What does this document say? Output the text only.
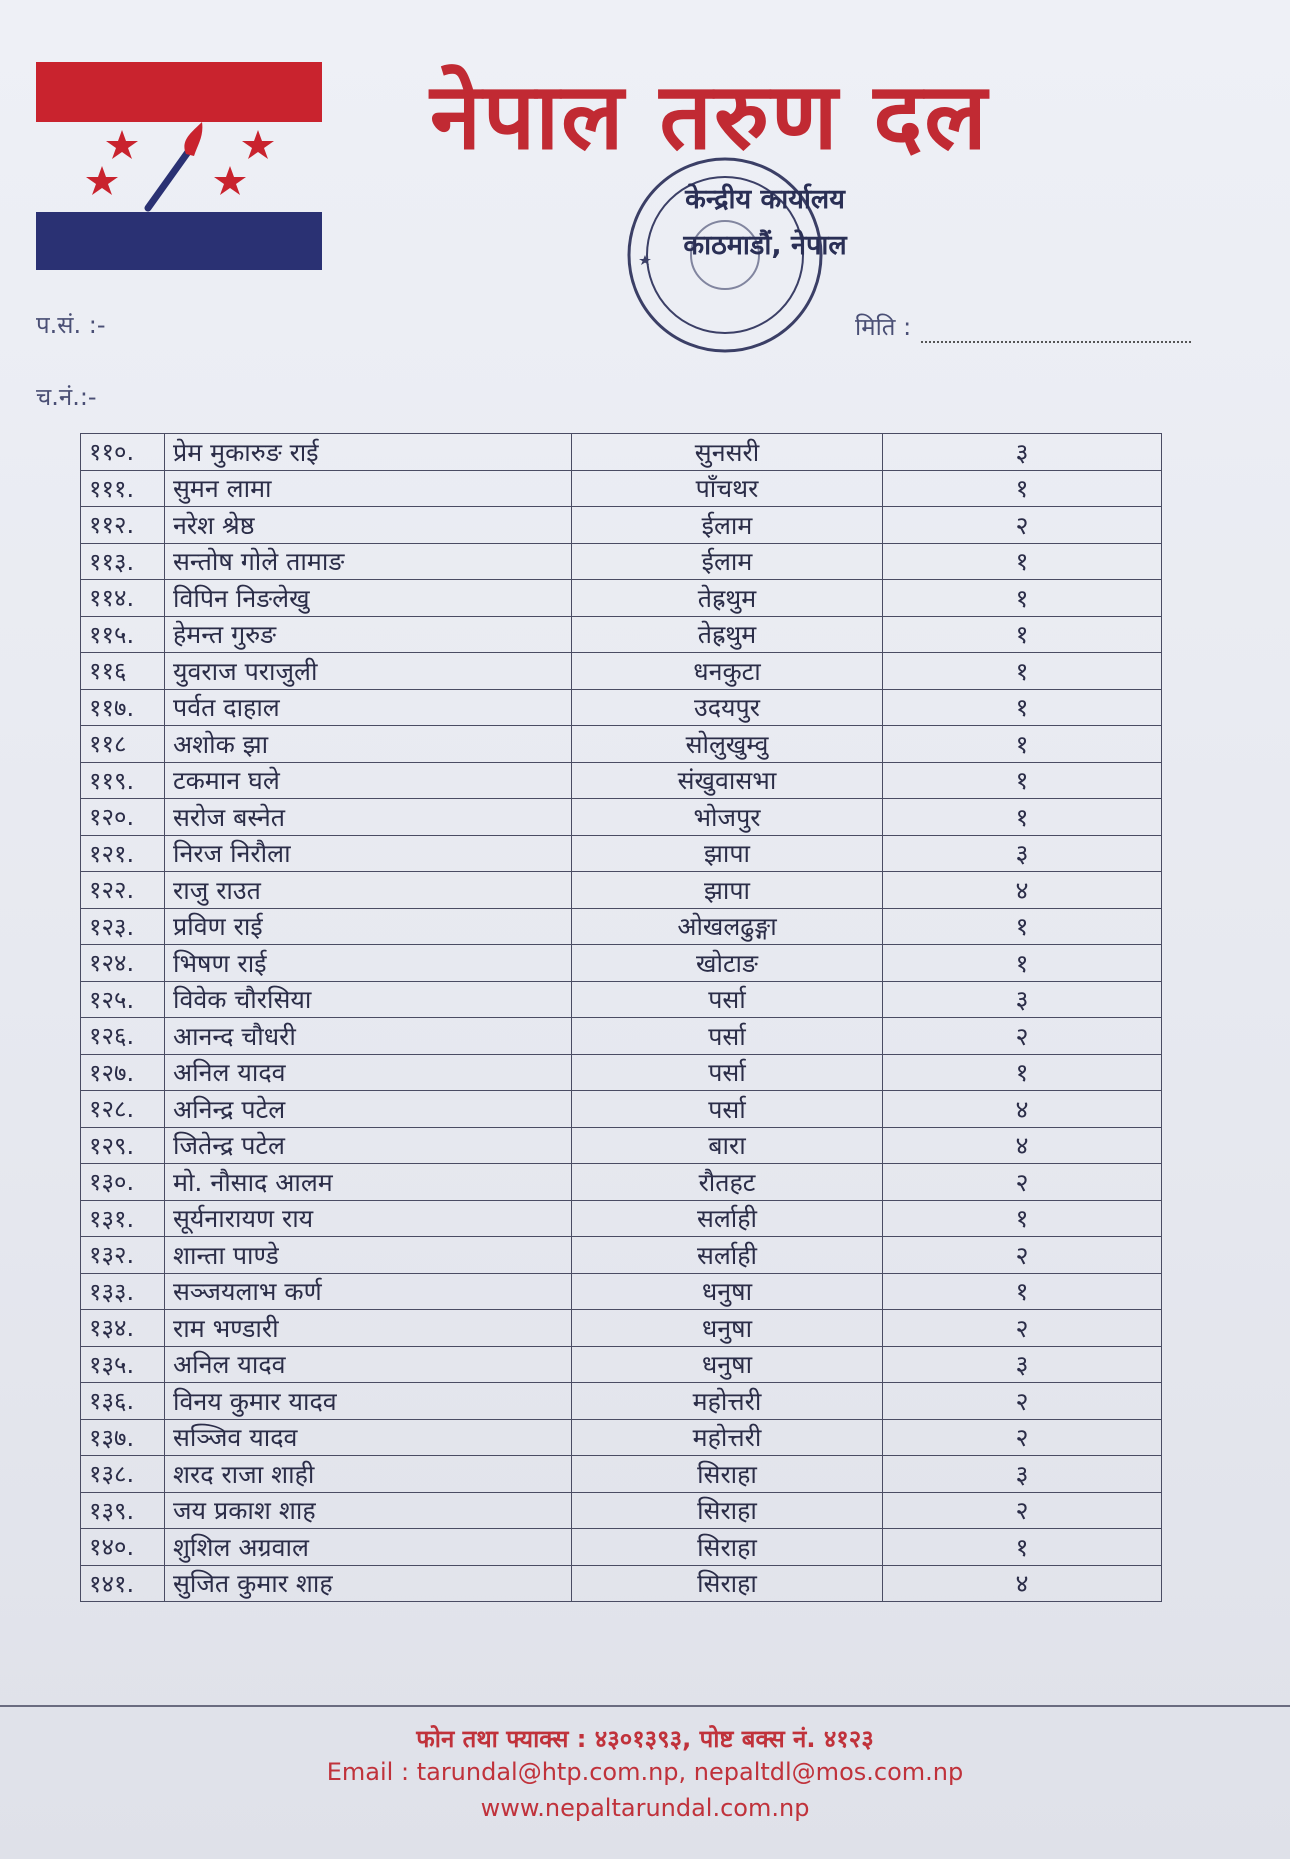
नेपाल तरुण दल
केन्द्रीय कार्यालय
काठमाडौं, नेपाल
प.सं. :-
च.नं.:-
मिति :
११०.	प्रेम मुकारुङ राई	सुनसरी	३
१११.	सुमन लामा	पाँचथर	१
११२.	नरेश श्रेष्ठ	ईलाम	२
११३.	सन्तोष गोले तामाङ	ईलाम	१
११४.	विपिन निङलेखु	तेह्रथुम	१
११५.	हेमन्त गुरुङ	तेह्रथुम	१
११६	युवराज पराजुली	धनकुटा	१
११७.	पर्वत दाहाल	उदयपुर	१
११८	अशोक झा	सोलुखुम्वु	१
११९.	टकमान घले	संखुवासभा	१
१२०.	सरोज बस्नेत	भोजपुर	१
१२१.	निरज निरौला	झापा	३
१२२.	राजु राउत	झापा	४
१२३.	प्रविण राई	ओखलढुङ्गा	१
१२४.	भिषण राई	खोटाङ	१
१२५.	विवेक चौरसिया	पर्सा	३
१२६.	आनन्द चौधरी	पर्सा	२
१२७.	अनिल यादव	पर्सा	१
१२८.	अनिन्द्र पटेल	पर्सा	४
१२९.	जितेन्द्र पटेल	बारा	४
१३०.	मो. नौसाद आलम	रौतहट	२
१३१.	सूर्यनारायण राय	सर्लाही	१
१३२.	शान्ता पाण्डे	सर्लाही	२
१३३.	सञ्जयलाभ कर्ण	धनुषा	१
१३४.	राम भण्डारी	धनुषा	२
१३५.	अनिल यादव	धनुषा	३
१३६.	विनय कुमार यादव	महोत्तरी	२
१३७.	सञ्जिव यादव	महोत्तरी	२
१३८.	शरद राजा शाही	सिराहा	३
१३९.	जय प्रकाश शाह	सिराहा	२
१४०.	शुशिल अग्रवाल	सिराहा	१
१४१.	सुजित कुमार शाह	सिराहा	४
फोन तथा फ्याक्स : ४३०१३९३, पोष्ट बक्स नं. ४१२३
Email : tarundal@htp.com.np, nepaltdl@mos.com.np
www.nepaltarundal.com.np
